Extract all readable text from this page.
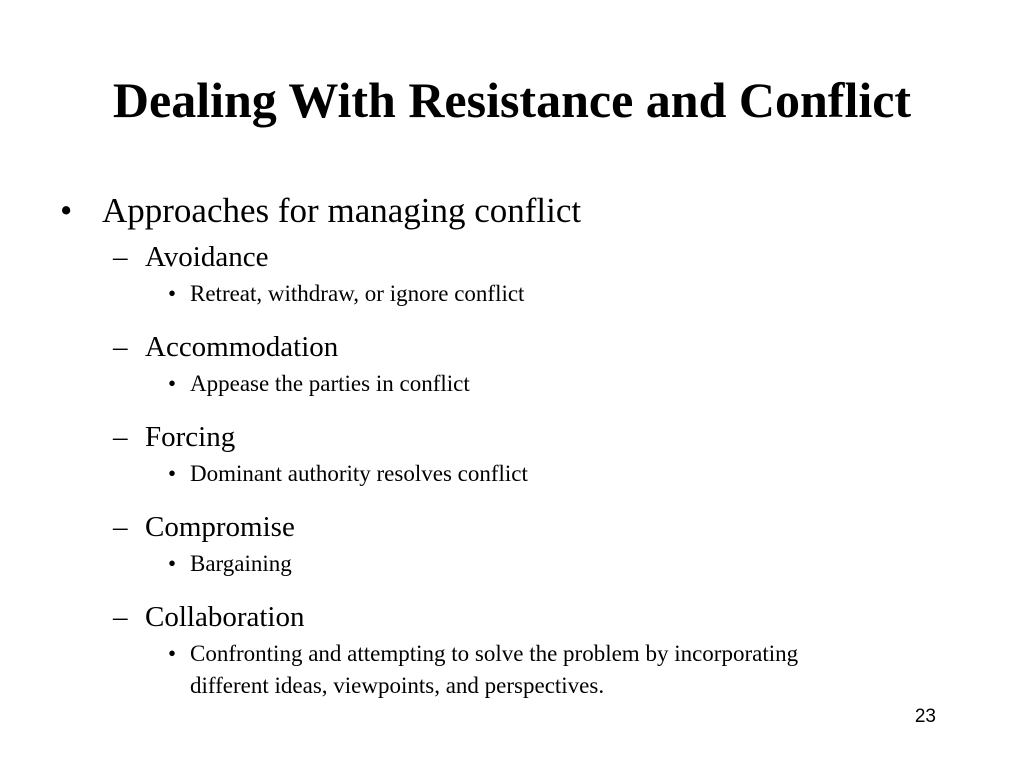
Dealing With Resistance and Conflict
• Approaches for managing conflict
– Avoidance
• Retreat, withdraw, or ignore conflict
– Accommodation
• Appease the parties in conflict
– Forcing
• Dominant authority resolves conflict
– Compromise
• Bargaining
– Collaboration
• Confronting and attempting to solve the problem by incorporating different ideas, viewpoints, and perspectives.
23
